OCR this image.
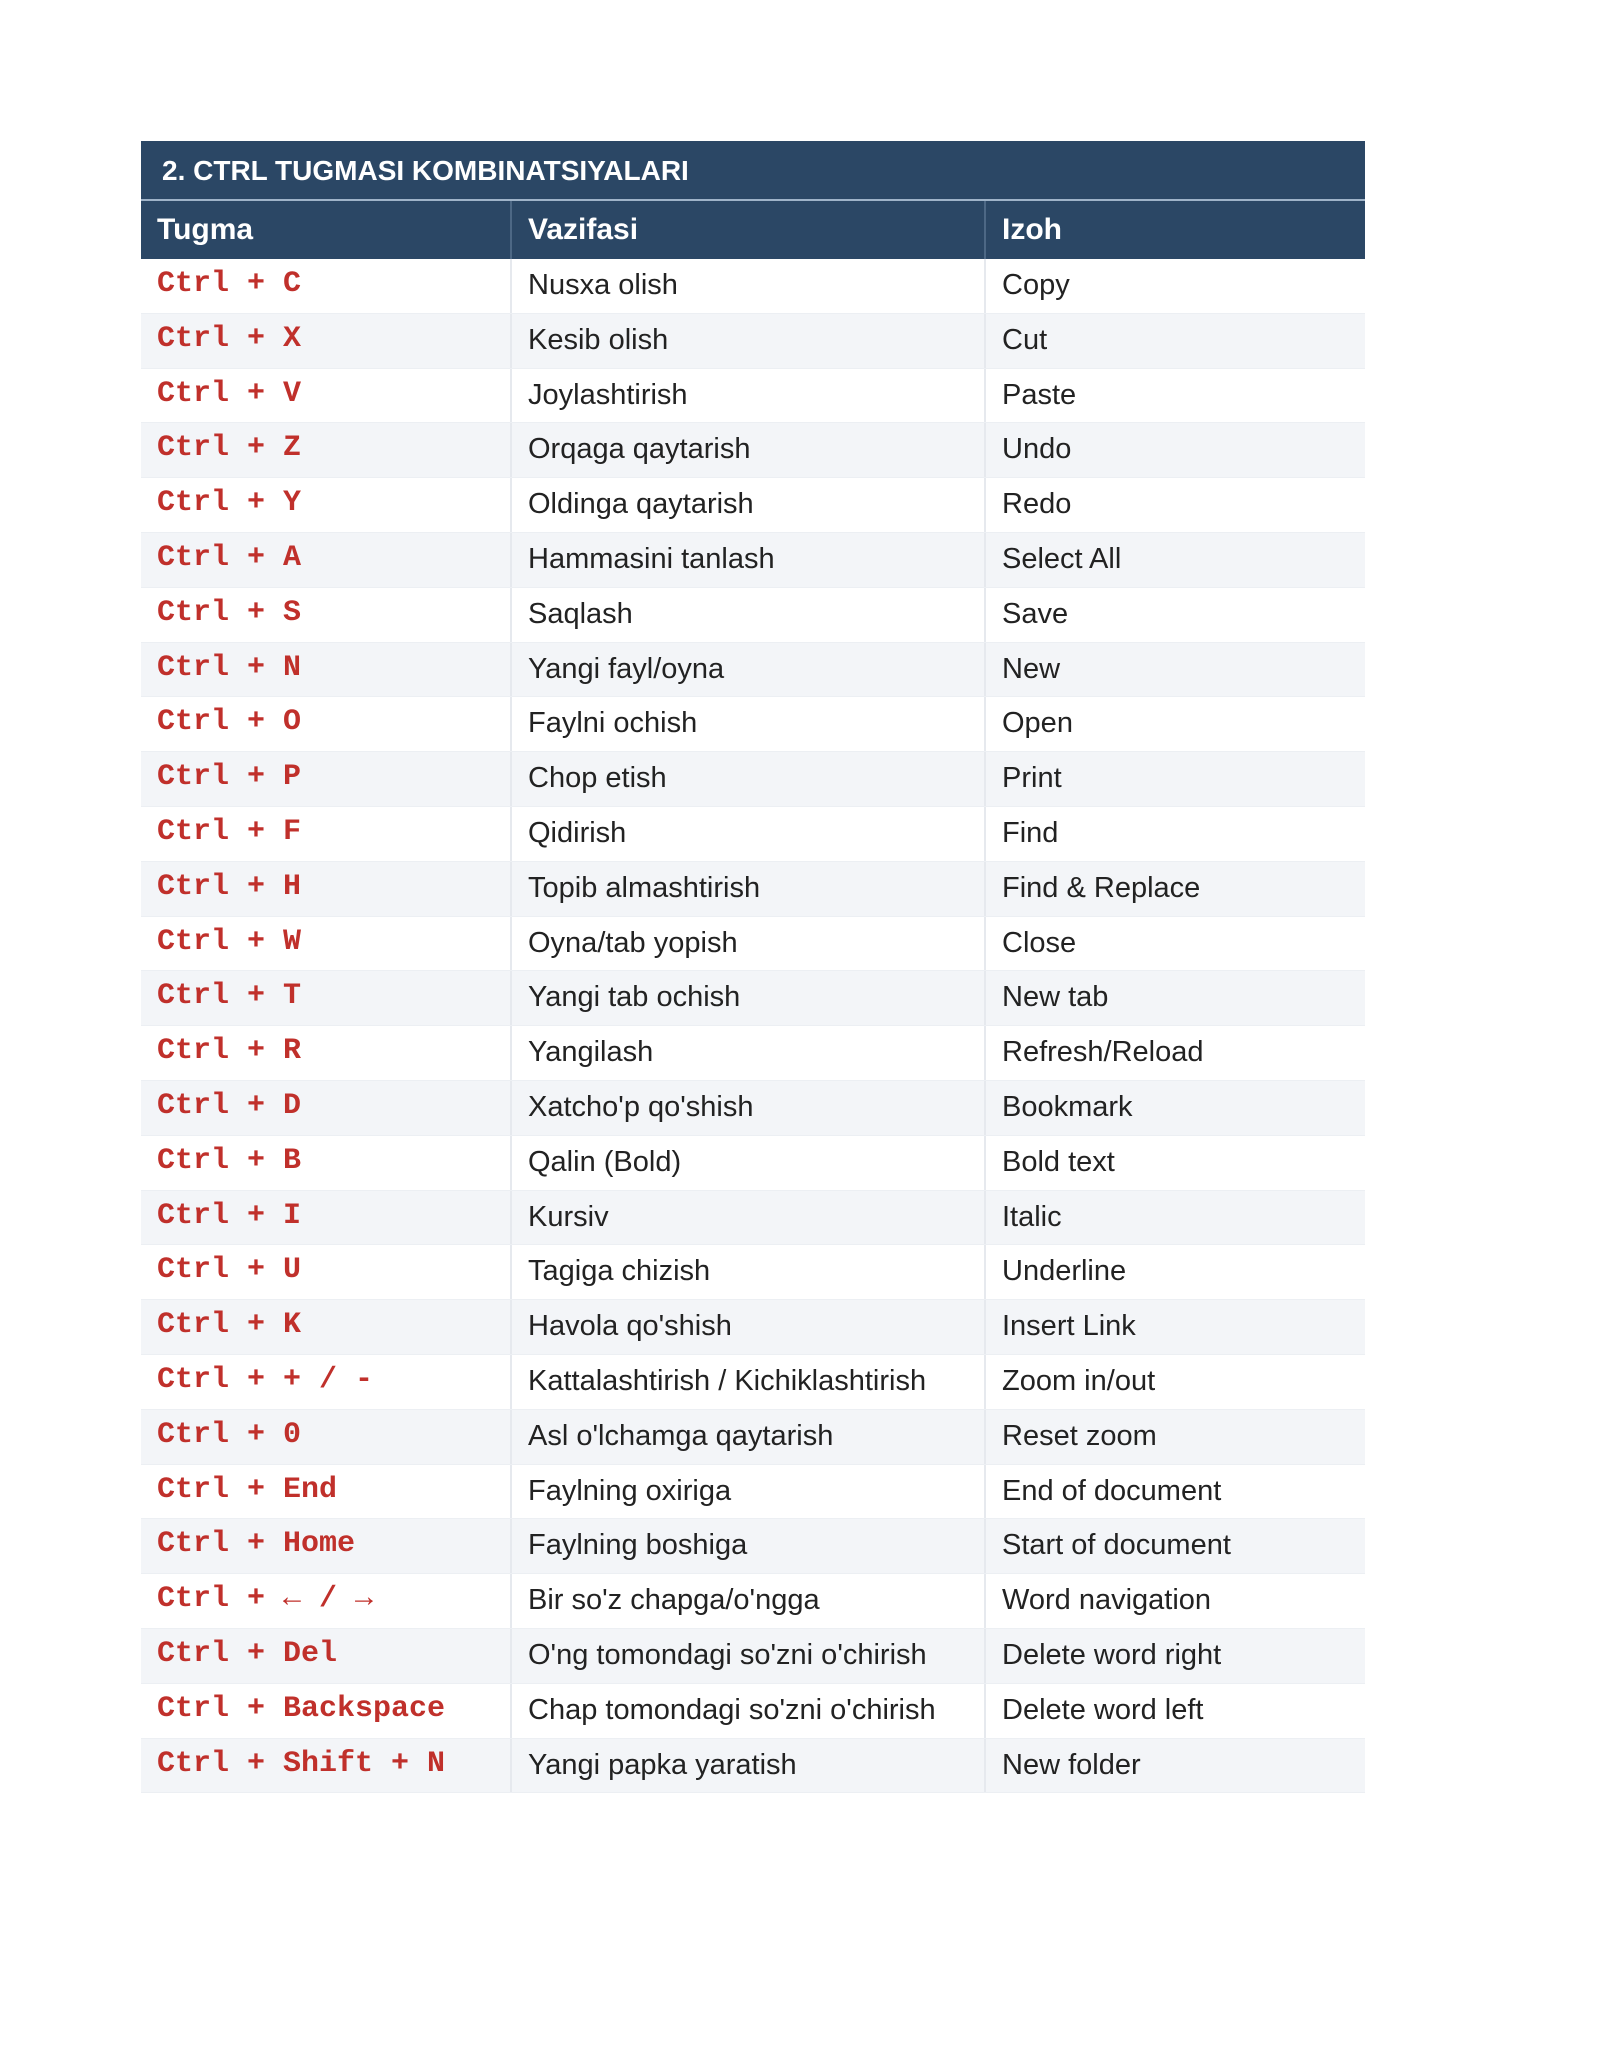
2. CTRL TUGMASI KOMBINATSIYALARI
Tugma	Vazifasi	Izoh
Ctrl + C	Nusxa olish	Copy
Ctrl + X	Kesib olish	Cut
Ctrl + V	Joylashtirish	Paste
Ctrl + Z	Orqaga qaytarish	Undo
Ctrl + Y	Oldinga qaytarish	Redo
Ctrl + A	Hammasini tanlash	Select All
Ctrl + S	Saqlash	Save
Ctrl + N	Yangi fayl/oyna	New
Ctrl + O	Faylni ochish	Open
Ctrl + P	Chop etish	Print
Ctrl + F	Qidirish	Find
Ctrl + H	Topib almashtirish	Find & Replace
Ctrl + W	Oyna/tab yopish	Close
Ctrl + T	Yangi tab ochish	New tab
Ctrl + R	Yangilash	Refresh/Reload
Ctrl + D	Xatcho'p qo'shish	Bookmark
Ctrl + B	Qalin (Bold)	Bold text
Ctrl + I	Kursiv	Italic
Ctrl + U	Tagiga chizish	Underline
Ctrl + K	Havola qo'shish	Insert Link
Ctrl + + / -	Kattalashtirish / Kichiklashtirish	Zoom in/out
Ctrl + 0	Asl o'lchamga qaytarish	Reset zoom
Ctrl + End	Faylning oxiriga	End of document
Ctrl + Home	Faylning boshiga	Start of document
Ctrl + ← / →	Bir so'z chapga/o'ngga	Word navigation
Ctrl + Del	O'ng tomondagi so'zni o'chirish	Delete word right
Ctrl + Backspace	Chap tomondagi so'zni o'chirish	Delete word left
Ctrl + Shift + N	Yangi papka yaratish	New folder
